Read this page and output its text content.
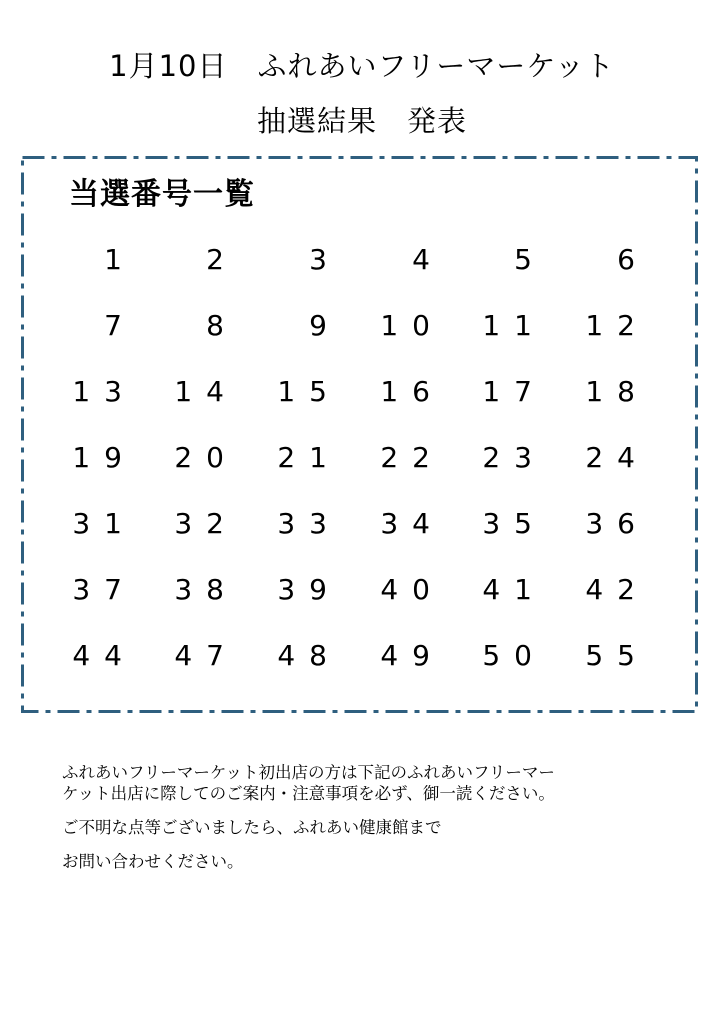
1月10日　ふれあいフリーマーケット
抽選結果　発表
当選番号一覧
1	2	3	4	5	6
7	8	9	10	11	12
13	14	15	16	17	18
19	20	21	22	23	24
31	32	33	34	35	36
37	38	39	40	41	42
44	47	48	49	50	55

ふれあいフリーマーケット初出店の方は下記のふれあいフリーマー

ケット出店に際してのご案内・注意事項を必ず、御一読ください。

ご不明な点等ございましたら、ふれあい健康館まで

お問い合わせください。
